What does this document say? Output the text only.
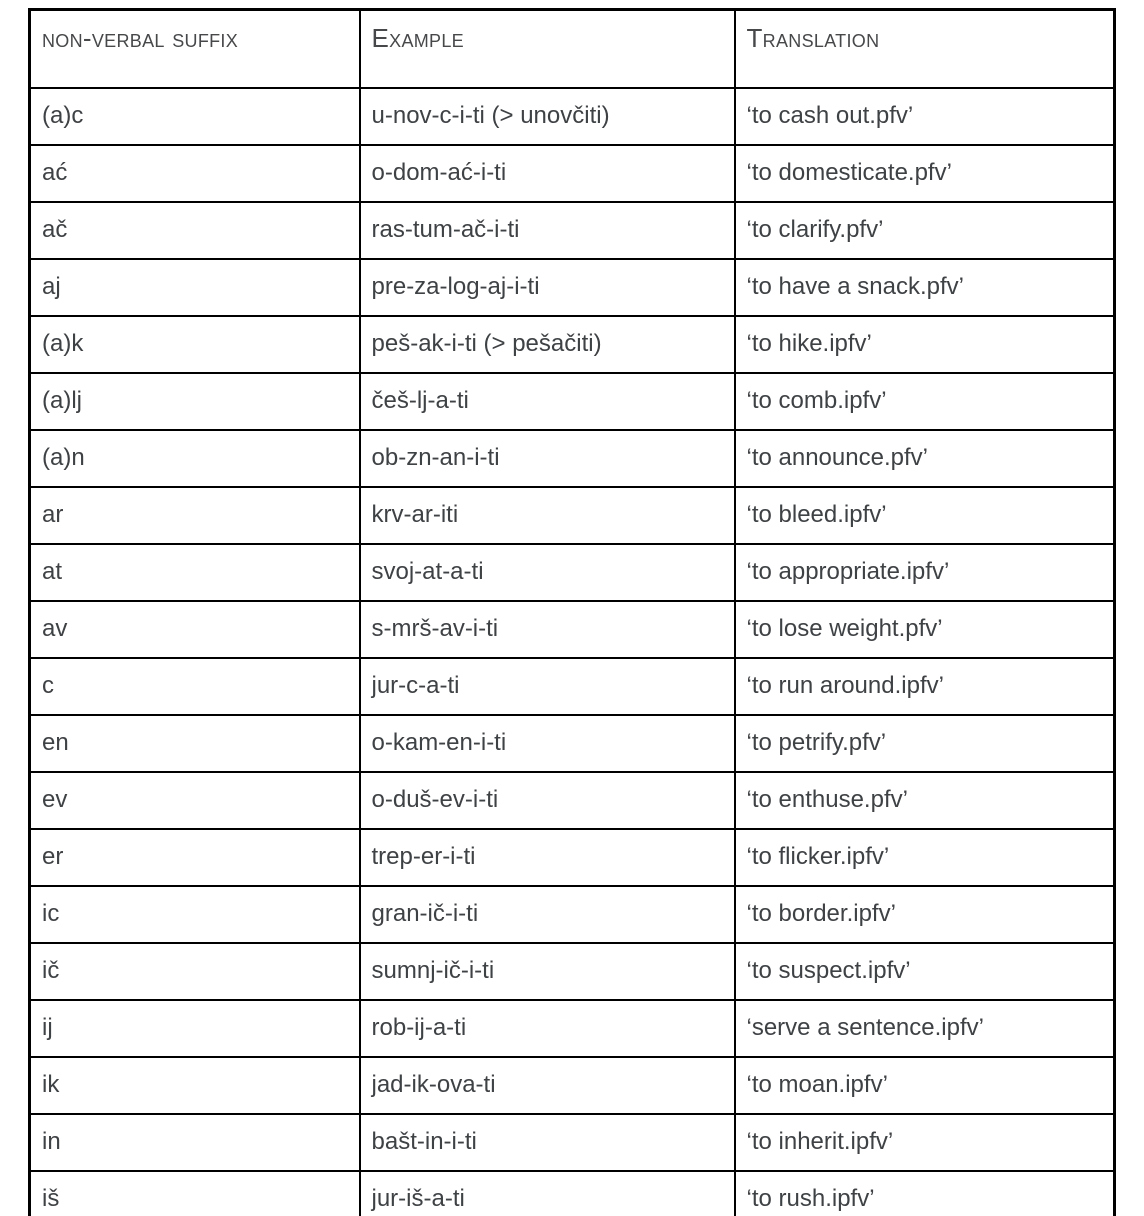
non-verbal suffix	Example	Translation
(a)c	u-nov-c-i-ti (> unovčiti)	‘to cash out.pfv’
ać	o-dom-ać-i-ti	‘to domesticate.pfv’
ač	ras-tum-ač-i-ti	‘to clarify.pfv’
aj	pre-za-log-aj-i-ti	‘to have a snack.pfv’
(a)k	peš-ak-i-ti (> pešačiti)	‘to hike.ipfv’
(a)lj	češ-lj-a-ti	‘to comb.ipfv’
(a)n	ob-zn-an-i-ti	‘to announce.pfv’
ar	krv-ar-iti	‘to bleed.ipfv’
at	svoj-at-a-ti	‘to appropriate.ipfv’
av	s-mrš-av-i-ti	‘to lose weight.pfv’
c	jur-c-a-ti	‘to run around.ipfv’
en	o-kam-en-i-ti	‘to petrify.pfv’
ev	o-duš-ev-i-ti	‘to enthuse.pfv’
er	trep-er-i-ti	‘to flicker.ipfv’
ic	gran-ič-i-ti	‘to border.ipfv’
ič	sumnj-ič-i-ti	‘to suspect.ipfv’
ij	rob-ij-a-ti	‘serve a sentence.ipfv’
ik	jad-ik-ova-ti	‘to moan.ipfv’
in	bašt-in-i-ti	‘to inherit.ipfv’
iš	jur-iš-a-ti	‘to rush.ipfv’
